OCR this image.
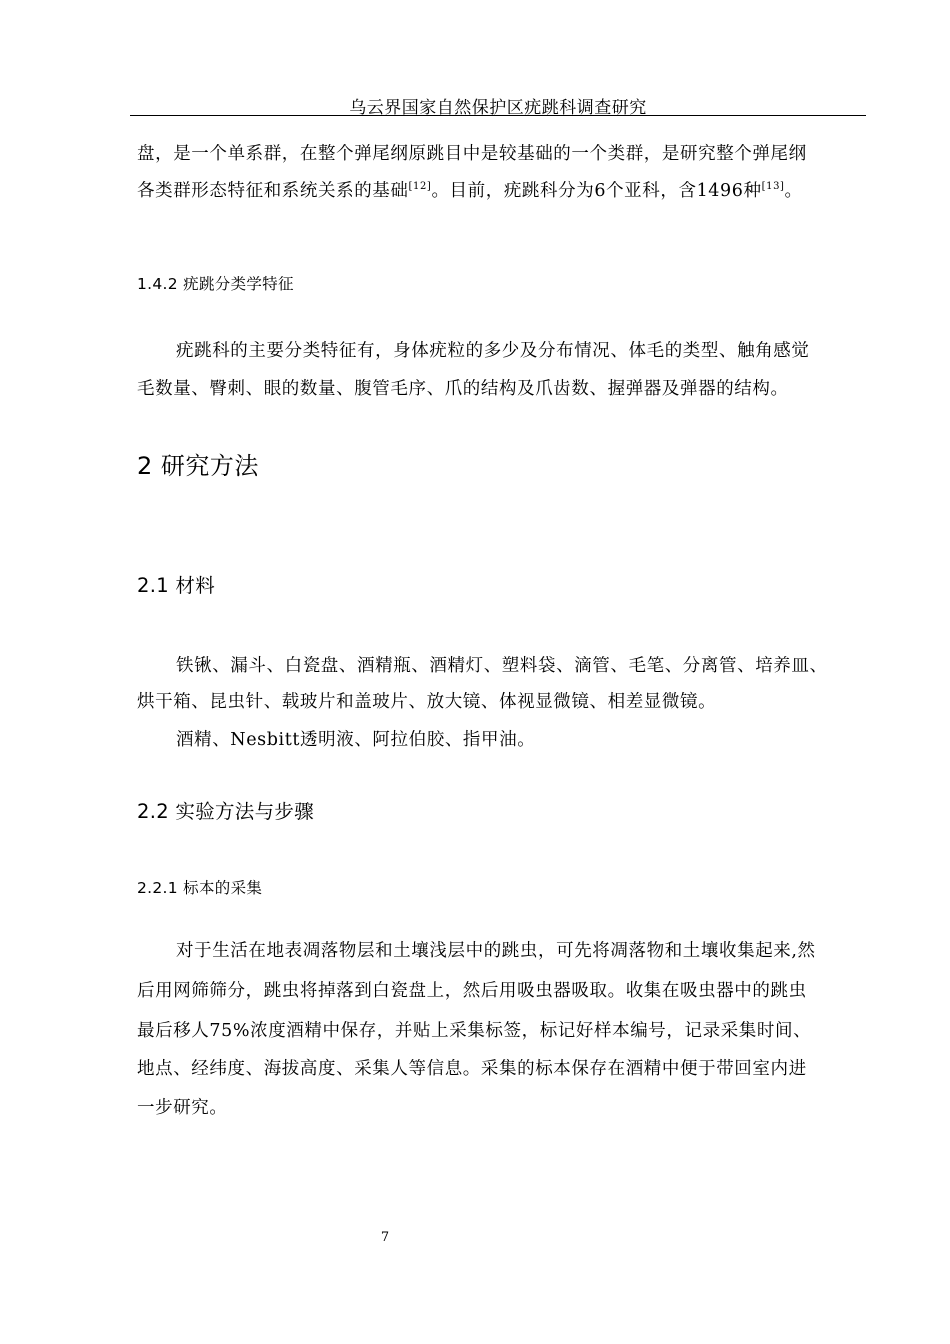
乌云界国家自然保护区疣跳科调查研究
盘，是一个单系群，在整个弹尾纲原跳目中是较基础的一个类群，是研究整个弹尾纲
各类群形态特征和系统关系的基础[12]。目前，疣跳科分为6个亚科，含1496种[13]。
1.4.2 疣跳分类学特征
疣跳科的主要分类特征有，身体疣粒的多少及分布情况、体毛的类型、触角感觉
毛数量、臀刺、眼的数量、腹管毛序、爪的结构及爪齿数、握弹器及弹器的结构。
2 研究方法
2.1 材料
铁锹、漏斗、白瓷盘、酒精瓶、酒精灯、塑料袋、滴管、毛笔、分离管、培养皿、
烘干箱、昆虫针、载玻片和盖玻片、放大镜、体视显微镜、相差显微镜。
酒精、Nesbitt透明液、阿拉伯胶、指甲油。
2.2 实验方法与步骤
2.2.1 标本的采集
对于生活在地表凋落物层和土壤浅层中的跳虫，可先将凋落物和土壤收集起来,然
后用网筛筛分，跳虫将掉落到白瓷盘上，然后用吸虫器吸取。收集在吸虫器中的跳虫
最后移人75%浓度酒精中保存，并贴上采集标签，标记好样本编号，记录采集时间、
地点、经纬度、海拔高度、采集人等信息。采集的标本保存在酒精中便于带回室内进
一步研究。
7
